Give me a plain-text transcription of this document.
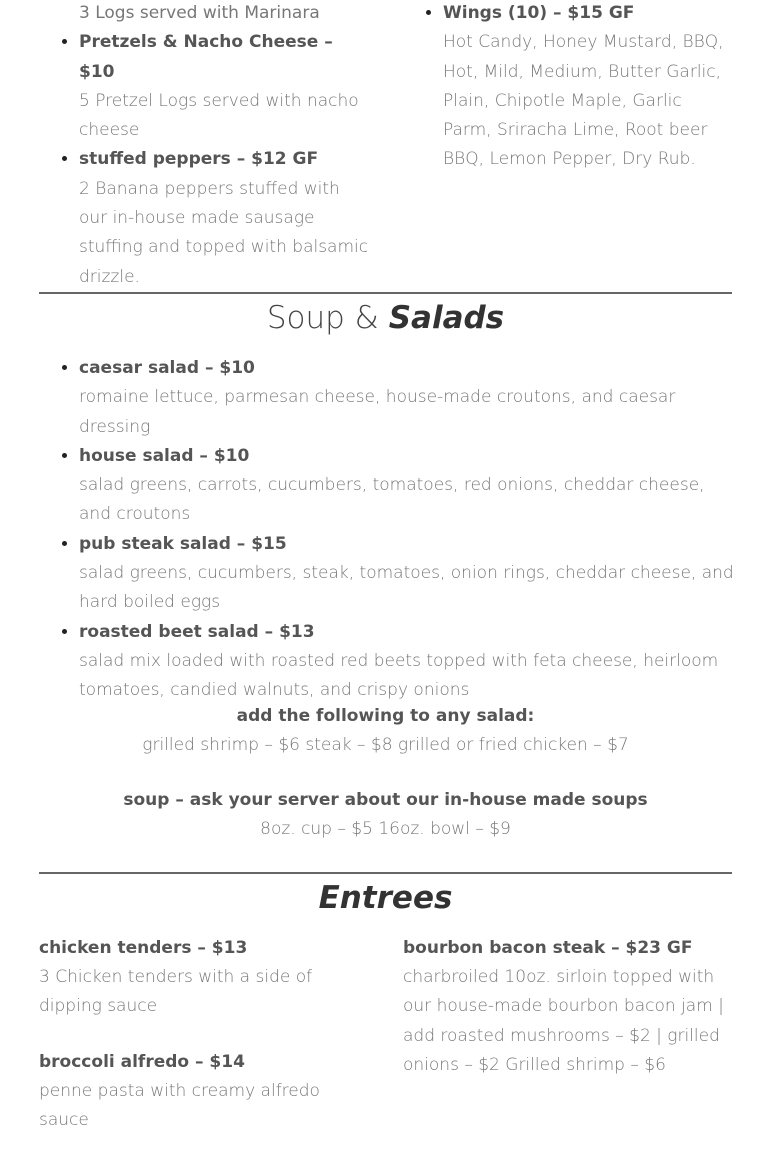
3 Logs served with Marinara
• Pretzels & Nacho Cheese – $10
5 Pretzel Logs served with nacho cheese
• stuffed peppers – $12 GF
2 Banana peppers stuffed with our in-house made sausage stuffing and topped with balsamic drizzle.
• Wings (10) – $15 GF
Hot Candy, Honey Mustard, BBQ, Hot, Mild, Medium, Butter Garlic, Plain, Chipotle Maple, Garlic Parm, Sriracha Lime, Root beer BBQ, Lemon Pepper, Dry Rub.
Soup & Salads
• caesar salad – $10
romaine lettuce, parmesan cheese, house-made croutons, and caesar dressing
• house salad – $10
salad greens, carrots, cucumbers, tomatoes, red onions, cheddar cheese, and croutons
• pub steak salad – $15
salad greens, cucumbers, steak, tomatoes, onion rings, cheddar cheese, and hard boiled eggs
• roasted beet salad – $13
salad mix loaded with roasted red beets topped with feta cheese, heirloom tomatoes, candied walnuts, and crispy onions
add the following to any salad:
grilled shrimp – $6 steak – $8 grilled or fried chicken – $7
soup – ask your server about our in-house made soups
8oz. cup – $5 16oz. bowl – $9
Entrees
chicken tenders – $13
3 Chicken tenders with a side of dipping sauce
broccoli alfredo – $14
penne pasta with creamy alfredo sauce
bourbon bacon steak – $23 GF
charbroiled 10oz. sirloin topped with our house-made bourbon bacon jam | add roasted mushrooms – $2 | grilled onions – $2 Grilled shrimp – $6
